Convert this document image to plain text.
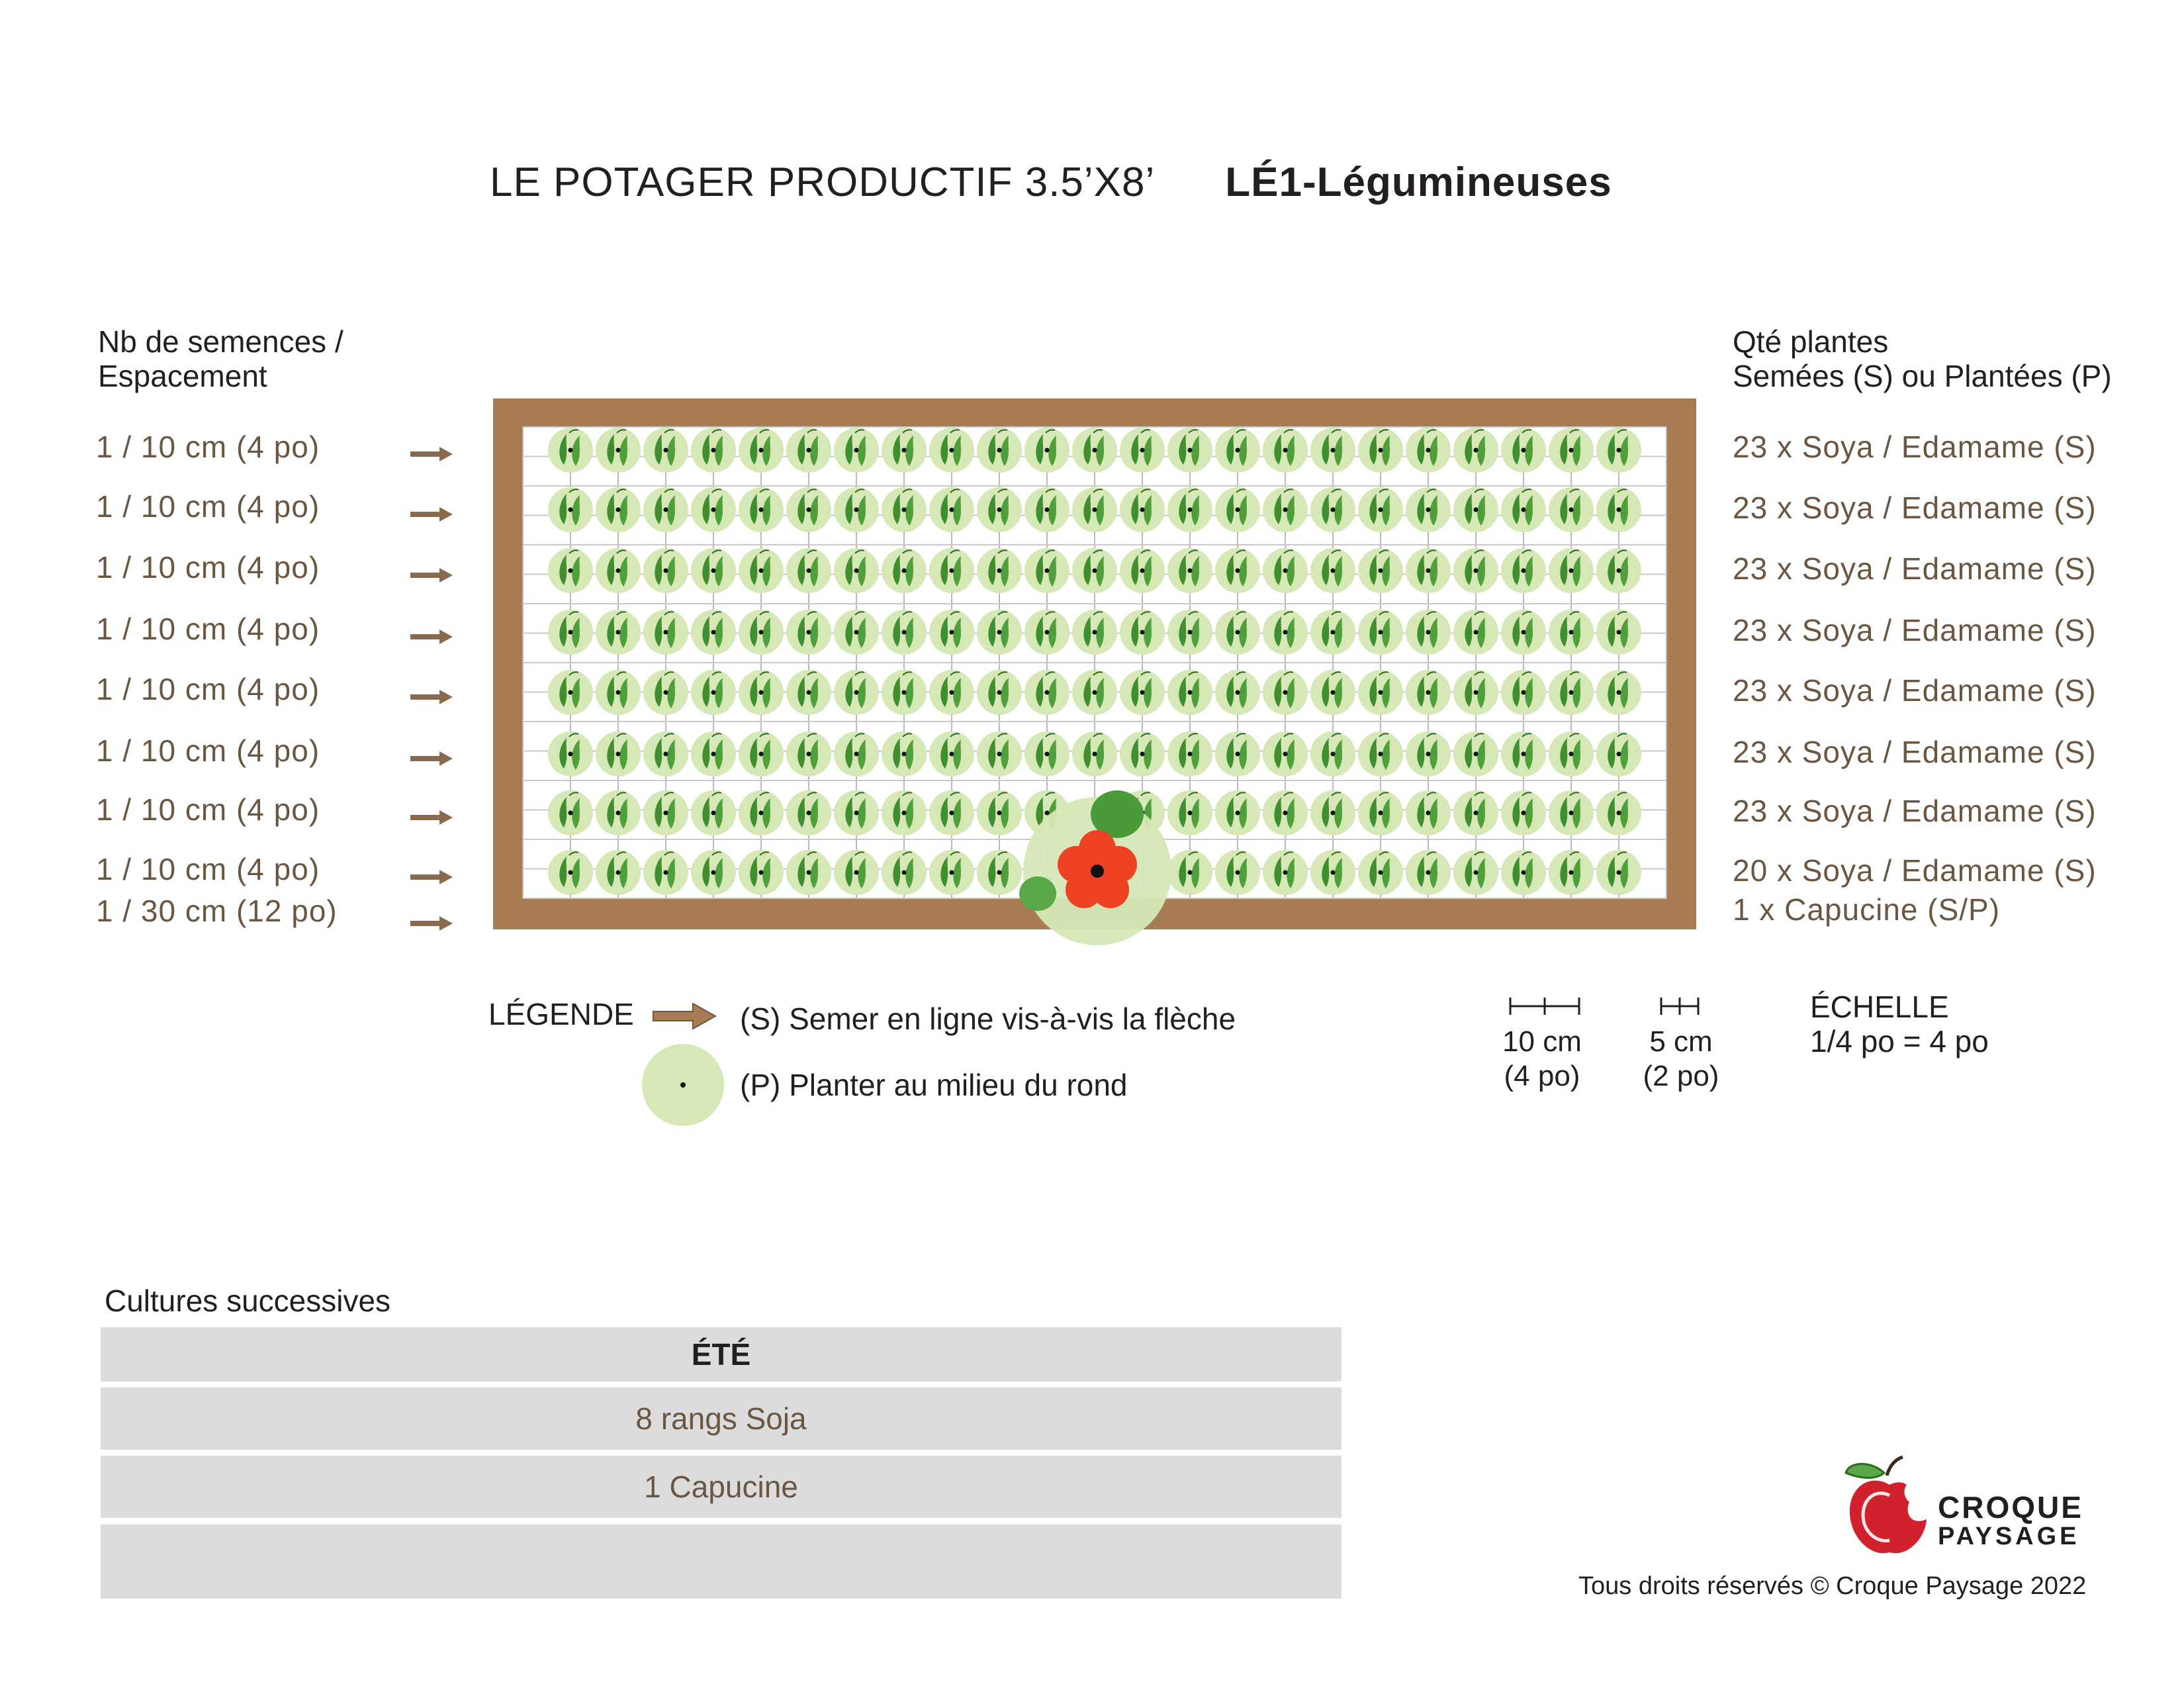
LE POTAGER PRODUCTIF 3.5’X8’ LÉ1-Légumineuses
Nb de semences /
Espacement
Qté plantes
Semées (S) ou Plantées (P)
1 / 10 cm (4 po)
1 / 10 cm (4 po)
1 / 10 cm (4 po)
1 / 10 cm (4 po)
1 / 10 cm (4 po)
1 / 10 cm (4 po)
1 / 10 cm (4 po)
1 / 10 cm (4 po)
1 / 30 cm (12 po)
23 x Soya / Edamame (S)
23 x Soya / Edamame (S)
23 x Soya / Edamame (S)
23 x Soya / Edamame (S)
23 x Soya / Edamame (S)
23 x Soya / Edamame (S)
23 x Soya / Edamame (S)
20 x Soya / Edamame (S)
1 x Capucine (S/P)
LÉGENDE	(S) Semer en ligne vis-à-vis la flèche
(P) Planter au milieu du rond
10 cm
(4 po)
5 cm
(2 po)
ÉCHELLE
1/4 po = 4 po
Cultures successives
ÉTÉ
8 rangs Soja
1 Capucine
CROQUE
PAYSAGE
Tous droits réservés © Croque Paysage 2022
